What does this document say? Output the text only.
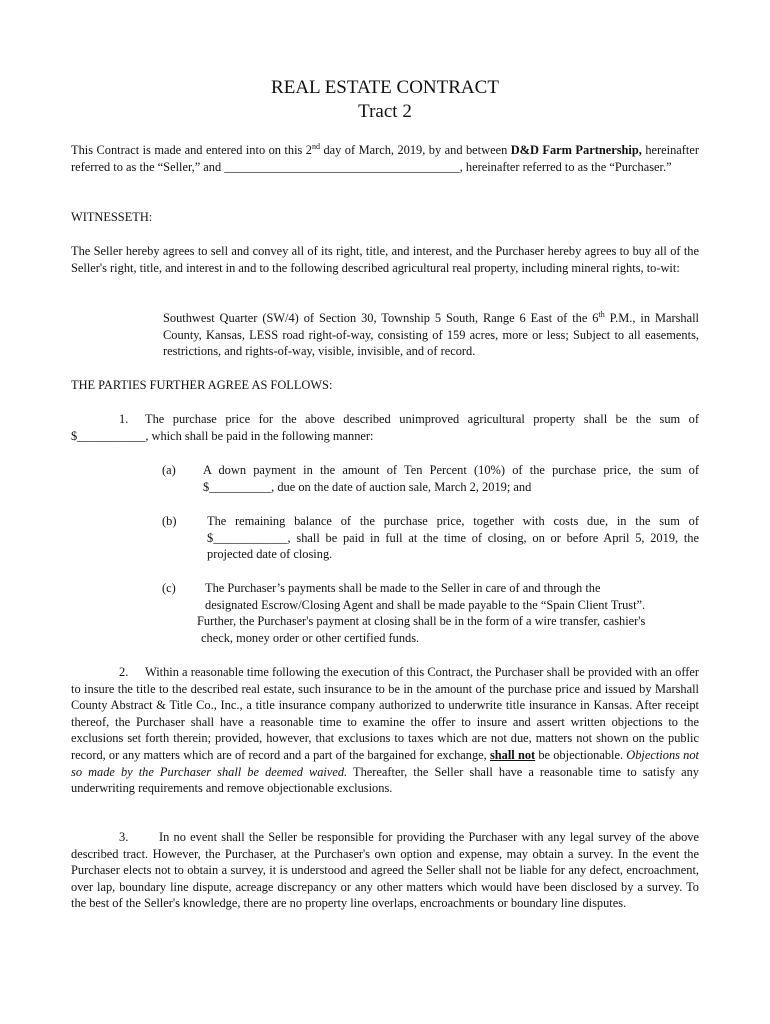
REAL ESTATE CONTRACT
Tract 2
This Contract is made and entered into on this 2nd day of March, 2019, by and between D&D Farm Partnership, hereinafter referred to as the “Seller,” and ______________________________________, hereinafter referred to as the “Purchaser.”
WITNESSETH:
The Seller hereby agrees to sell and convey all of its right, title, and interest, and the Purchaser hereby agrees to buy all of the Seller's right, title, and interest in and to the following described agricultural real property, including mineral rights, to-wit:
Southwest Quarter (SW/4) of Section 30, Township 5 South, Range 6 East of the 6th P.M., in Marshall County, Kansas, LESS road right-of-way, consisting of 159 acres, more or less; Subject to all easements, restrictions, and rights-of-way, visible, invisible, and of record.
THE PARTIES FURTHER AGREE AS FOLLOWS:
1. The purchase price for the above described unimproved agricultural property shall be the sum of $___________, which shall be paid in the following manner:
(a) A down payment in the amount of Ten Percent (10%) of the purchase price, the sum of $__________, due on the date of auction sale, March 2, 2019; and
(b) The remaining balance of the purchase price, together with costs due, in the sum of $____________, shall be paid in full at the time of closing, on or before April 5, 2019, the projected date of closing.
(c) The Purchaser’s payments shall be made to the Seller in care of and through the
designated Escrow/Closing Agent and shall be made payable to the “Spain Client Trust”.
Further, the Purchaser's payment at closing shall be in the form of a wire transfer, cashier's
check, money order or other certified funds.
2. Within a reasonable time following the execution of this Contract, the Purchaser shall be provided with an offer to insure the title to the described real estate, such insurance to be in the amount of the purchase price and issued by Marshall County Abstract & Title Co., Inc., a title insurance company authorized to underwrite title insurance in Kansas. After receipt thereof, the Purchaser shall have a reasonable time to examine the offer to insure and assert written objections to the exclusions set forth therein; provided, however, that exclusions to taxes which are not due, matters not shown on the public record, or any matters which are of record and a part of the bargained for exchange, shall not be objectionable. Objections not so made by the Purchaser shall be deemed waived. Thereafter, the Seller shall have a reasonable time to satisfy any underwriting requirements and remove objectionable exclusions.
3. In no event shall the Seller be responsible for providing the Purchaser with any legal survey of the above described tract. However, the Purchaser, at the Purchaser's own option and expense, may obtain a survey. In the event the Purchaser elects not to obtain a survey, it is understood and agreed the Seller shall not be liable for any defect, encroachment, over lap, boundary line dispute, acreage discrepancy or any other matters which would have been disclosed by a survey. To the best of the Seller's knowledge, there are no property line overlaps, encroachments or boundary line disputes.
